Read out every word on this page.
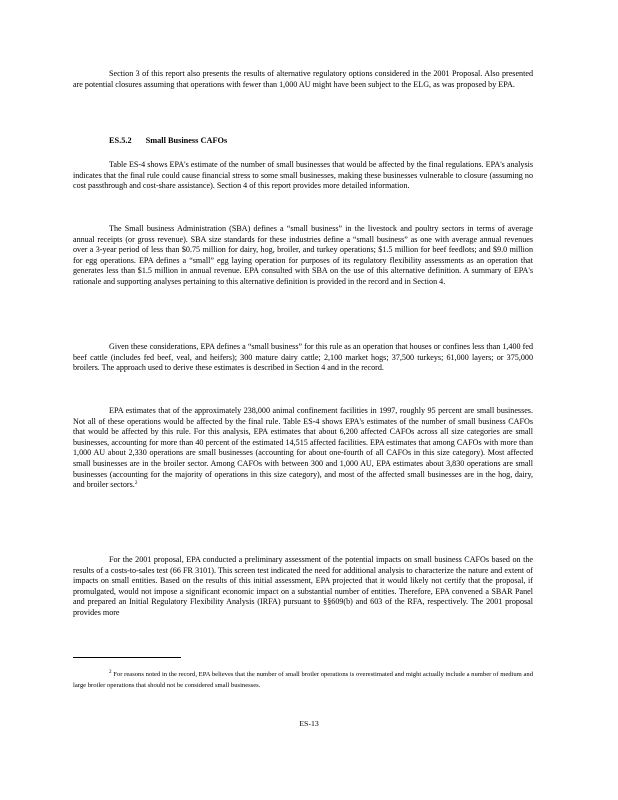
Section 3 of this report also presents the results of alternative regulatory options considered in the 2001 Proposal. Also presented are potential closures assuming that operations with fewer than 1,000 AU might have been subject to the ELG, as was proposed by EPA.

ES.5.2 Small Business CAFOs

Table ES-4 shows EPA's estimate of the number of small businesses that would be affected by the final regulations. EPA's analysis indicates that the final rule could cause financial stress to some small businesses, making these businesses vulnerable to closure (assuming no cost passthrough and cost-share assistance). Section 4 of this report provides more detailed information.

The Small business Administration (SBA) defines a “small business” in the livestock and poultry sectors in terms of average annual receipts (or gross revenue). SBA size standards for these industries define a “small business” as one with average annual revenues over a 3-year period of less than $0.75 million for dairy, hog, broiler, and turkey operations; $1.5 million for beef feedlots; and $9.0 million for egg operations. EPA defines a “small” egg laying operation for purposes of its regulatory flexibility assessments as an operation that generates less than $1.5 million in annual revenue. EPA consulted with SBA on the use of this alternative definition. A summary of EPA's rationale and supporting analyses pertaining to this alternative definition is provided in the record and in Section 4.

Given these considerations, EPA defines a “small business” for this rule as an operation that houses or confines less than 1,400 fed beef cattle (includes fed beef, veal, and heifers); 300 mature dairy cattle; 2,100 market hogs; 37,500 turkeys; 61,000 layers; or 375,000 broilers. The approach used to derive these estimates is described in Section 4 and in the record.

EPA estimates that of the approximately 238,000 animal confinement facilities in 1997, roughly 95 percent are small businesses. Not all of these operations would be affected by the final rule. Table ES-4 shows EPA's estimates of the number of small business CAFOs that would be affected by this rule. For this analysis, EPA estimates that about 6,200 affected CAFOs across all size categories are small businesses, accounting for more than 40 percent of the estimated 14,515 affected facilities. EPA estimates that among CAFOs with more than 1,000 AU about 2,330 operations are small businesses (accounting for about one-fourth of all CAFOs in this size category). Most affected small businesses are in the broiler sector. Among CAFOs with between 300 and 1,000 AU, EPA estimates about 3,830 operations are small businesses (accounting for the majority of operations in this size category), and most of the affected small businesses are in the hog, dairy, and broiler sectors.$^2$

For the 2001 proposal, EPA conducted a preliminary assessment of the potential impacts on small business CAFOs based on the results of a costs-to-sales test (66 FR 3101). This screen test indicated the need for additional analysis to characterize the nature and extent of impacts on small entities. Based on the results of this initial assessment, EPA projected that it would likely not certify that the proposal, if promulgated, would not impose a significant economic impact on a substantial number of entities. Therefore, EPA convened a SBAR Panel and prepared an Initial Regulatory Flexibility Analysis (IRFA) pursuant to §§609(b) and 603 of the RFA, respectively. The 2001 proposal provides more

$^2$ For reasons noted in the record, EPA believes that the number of small broiler operations is overestimated and might actually include a number of medium and large broiler operations that should not be considered small businesses.

ES-13
